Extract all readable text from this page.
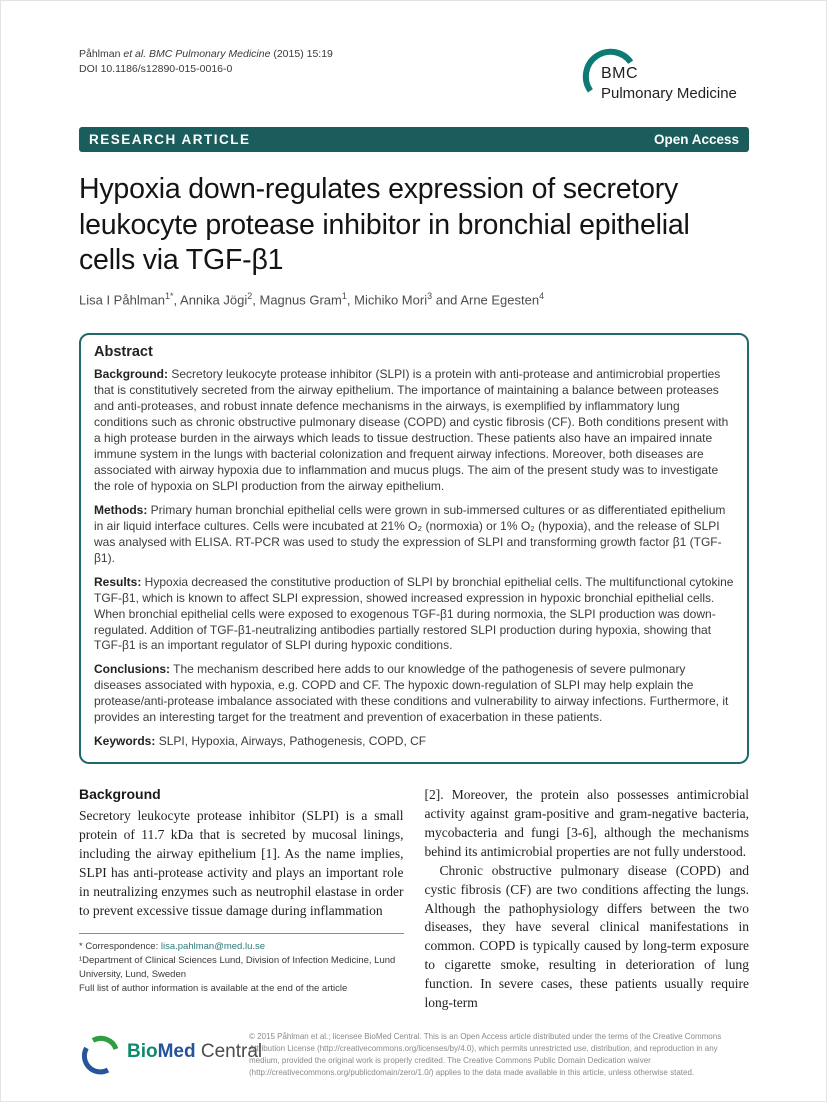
Påhlman et al. BMC Pulmonary Medicine (2015) 15:19
DOI 10.1186/s12890-015-0016-0	BMC
Pulmonary Medicine
RESEARCH ARTICLE	Open Access
Hypoxia down-regulates expression of secretory leukocyte protease inhibitor in bronchial epithelial cells via TGF-β1
Lisa I Påhlman$^{1*}$, Annika Jögi$^2$, Magnus Gram$^1$, Michiko Mori$^3$ and Arne Egesten$^4$
Abstract

Background: Secretory leukocyte protease inhibitor (SLPI) is a protein with anti-protease and antimicrobial properties that is constitutively secreted from the airway epithelium. The importance of maintaining a balance between proteases and anti-proteases, and robust innate defence mechanisms in the airways, is exemplified by inflammatory lung conditions such as chronic obstructive pulmonary disease (COPD) and cystic fibrosis (CF). Both conditions present with a high protease burden in the airways which leads to tissue destruction. These patients also have an impaired innate immune system in the lungs with bacterial colonization and frequent airway infections. Moreover, both diseases are associated with airway hypoxia due to inflammation and mucus plugs. The aim of the present study was to investigate the role of hypoxia on SLPI production from the airway epithelium.

Methods: Primary human bronchial epithelial cells were grown in sub-immersed cultures or as differentiated epithelium in air liquid interface cultures. Cells were incubated at 21% O₂ (normoxia) or 1% O₂ (hypoxia), and the release of SLPI was analysed with ELISA. RT-PCR was used to study the expression of SLPI and transforming growth factor β1 (TGF-β1).

Results: Hypoxia decreased the constitutive production of SLPI by bronchial epithelial cells. The multifunctional cytokine TGF-β1, which is known to affect SLPI expression, showed increased expression in hypoxic bronchial epithelial cells. When bronchial epithelial cells were exposed to exogenous TGF-β1 during normoxia, the SLPI production was down-regulated. Addition of TGF-β1-neutralizing antibodies partially restored SLPI production during hypoxia, showing that TGF-β1 is an important regulator of SLPI during hypoxic conditions.

Conclusions: The mechanism described here adds to our knowledge of the pathogenesis of severe pulmonary diseases associated with hypoxia, e.g. COPD and CF. The hypoxic down-regulation of SLPI may help explain the protease/anti-protease imbalance associated with these conditions and vulnerability to airway infections. Furthermore, it provides an interesting target for the treatment and prevention of exacerbation in these patients.

Keywords: SLPI, Hypoxia, Airways, Pathogenesis, COPD, CF

Background

Secretory leukocyte protease inhibitor (SLPI) is a small protein of 11.7 kDa that is secreted by mucosal linings, including the airway epithelium [1]. As the name implies, SLPI has anti-protease activity and plays an important role in neutralizing enzymes such as neutrophil elastase in order to prevent excessive tissue damage during inflammation

* Correspondence: lisa.pahlman@med.lu.se
¹Department of Clinical Sciences Lund, Division of Infection Medicine, Lund University, Lund, Sweden
Full list of author information is available at the end of the article

[2]. Moreover, the protein also possesses antimicrobial activity against gram-positive and gram-negative bacteria, mycobacteria and fungi [3-6], although the mechanisms behind its antimicrobial properties are not fully understood.

Chronic obstructive pulmonary disease (COPD) and cystic fibrosis (CF) are two conditions affecting the lungs. Although the pathophysiology differs between the two diseases, they have several clinical manifestations in common. COPD is typically caused by long-term exposure to cigarette smoke, resulting in deterioration of lung function. In severe cases, these patients usually require long-term

BioMed Central
© 2015 Påhlman et al.; licensee BioMed Central. This is an Open Access article distributed under the terms of the Creative Commons Attribution License (http://creativecommons.org/licenses/by/4.0), which permits unrestricted use, distribution, and reproduction in any medium, provided the original work is properly credited. The Creative Commons Public Domain Dedication waiver (http://creativecommons.org/publicdomain/zero/1.0/) applies to the data made available in this article, unless otherwise stated.
